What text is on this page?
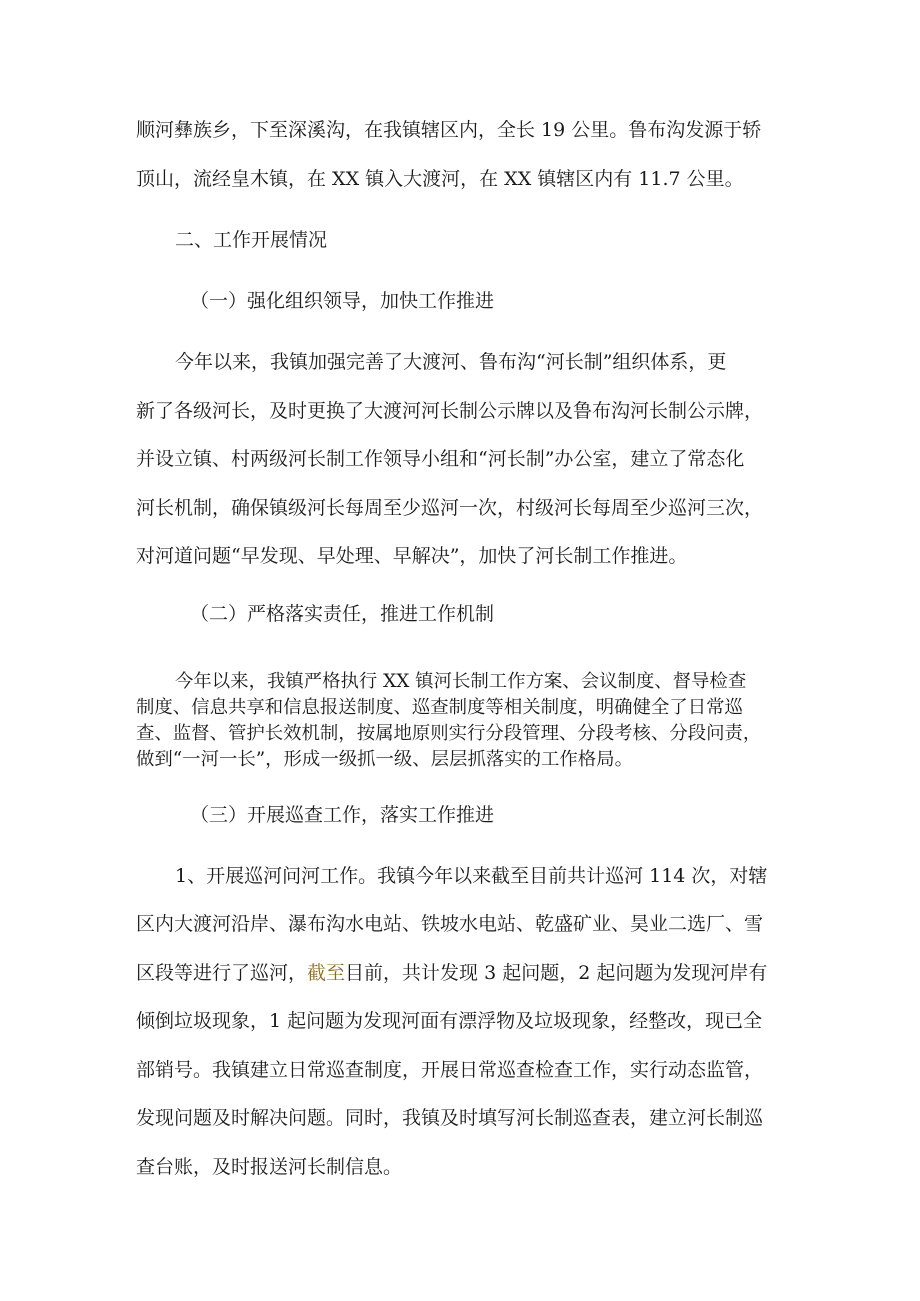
顺河彝族乡，下至深溪沟，在我镇辖区内，全长 19 公里。鲁布沟发源于轿
顶山，流经皇木镇，在 XX 镇入大渡河，在 XX 镇辖区内有 11.7 公里。
二、工作开展情况
（一）强化组织领导，加快工作推进
今年以来，我镇加强完善了大渡河、鲁布沟“河长制”组织体系，更
新了各级河长，及时更换了大渡河河长制公示牌以及鲁布沟河长制公示牌，
并设立镇、村两级河长制工作领导小组和“河长制”办公室，建立了常态化
河长机制，确保镇级河长每周至少巡河一次，村级河长每周至少巡河三次，
对河道问题“早发现、早处理、早解决”，加快了河长制工作推进。
（二）严格落实责任，推进工作机制
今年以来，我镇严格执行 XX 镇河长制工作方案、会议制度、督导检查
制度、信息共享和信息报送制度、巡查制度等相关制度，明确健全了日常巡
查、监督、管护长效机制，按属地原则实行分段管理、分段考核、分段问责，
做到“一河一长”，形成一级抓一级、层层抓落实的工作格局。
（三）开展巡查工作，落实工作推进
1、开展巡河问河工作。我镇今年以来截至目前共计巡河 114 次，对辖
区内大渡河沿岸、瀑布沟水电站、铁坡水电站、乾盛矿业、昊业二选厂、雪
区段等进行了巡河，截至目前，共计发现 3 起问题，2 起问题为发现河岸有
倾倒垃圾现象，1 起问题为发现河面有漂浮物及垃圾现象，经整改，现已全
部销号。我镇建立日常巡查制度，开展日常巡查检查工作，实行动态监管，
发现问题及时解决问题。同时，我镇及时填写河长制巡查表，建立河长制巡
查台账，及时报送河长制信息。
